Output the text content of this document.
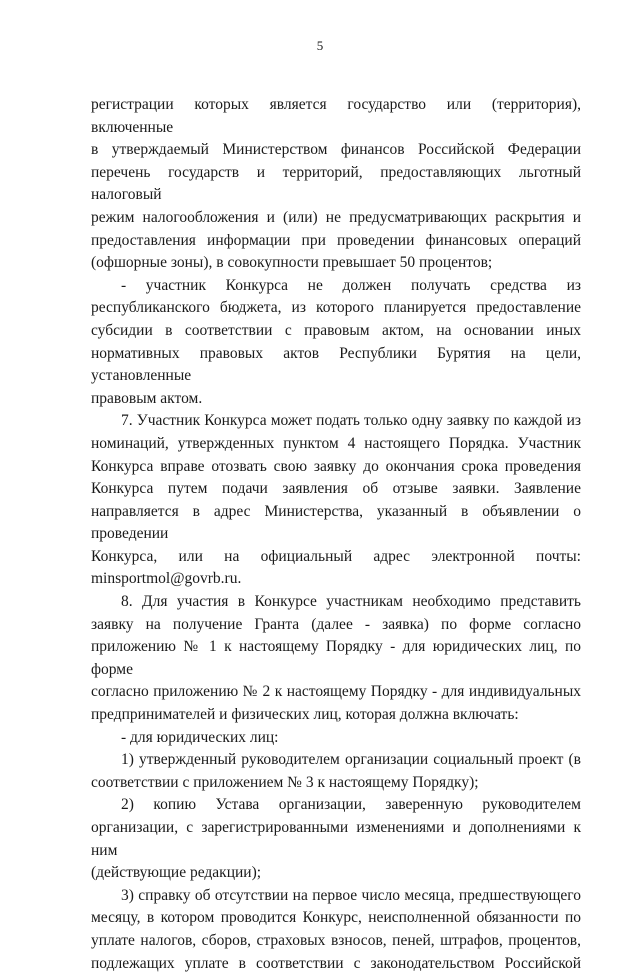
5
регистрации которых является государство или (территория), включенные
в утверждаемый Министерством финансов Российской Федерации
перечень государств и территорий, предоставляющих льготный налоговый
режим налогообложения и (или) не предусматривающих раскрытия и
предоставления информации при проведении финансовых операций
(офшорные зоны), в совокупности превышает 50 процентов;
- участник Конкурса не должен получать средства из
республиканского бюджета, из которого планируется предоставление
субсидии в соответствии с правовым актом, на основании иных
нормативных правовых актов Республики Бурятия на цели, установленные
правовым актом.
7. Участник Конкурса может подать только одну заявку по каждой из
номинаций, утвержденных пунктом 4 настоящего Порядка. Участник
Конкурса вправе отозвать свою заявку до окончания срока проведения
Конкурса путем подачи заявления об отзыве заявки. Заявление
направляется в адрес Министерства, указанный в объявлении о проведении
Конкурса, или на официальный адрес электронной почты:
minsportmol@govrb.ru.
8. Для участия в Конкурсе участникам необходимо представить
заявку на получение Гранта (далее - заявка) по форме согласно
приложению № 1 к настоящему Порядку - для юридических лиц, по форме
согласно приложению № 2 к настоящему Порядку - для индивидуальных
предпринимателей и физических лиц, которая должна включать:
- для юридических лиц:
1) утвержденный руководителем организации социальный проект (в
соответствии с приложением № 3 к настоящему Порядку);
2) копию Устава организации, заверенную руководителем
организации, с зарегистрированными изменениями и дополнениями к ним
(действующие редакции);
3) справку об отсутствии на первое число месяца, предшествующего
месяцу, в котором проводится Конкурс, неисполненной обязанности по
уплате налогов, сборов, страховых взносов, пеней, штрафов, процентов,
подлежащих уплате в соответствии с законодательством Российской
